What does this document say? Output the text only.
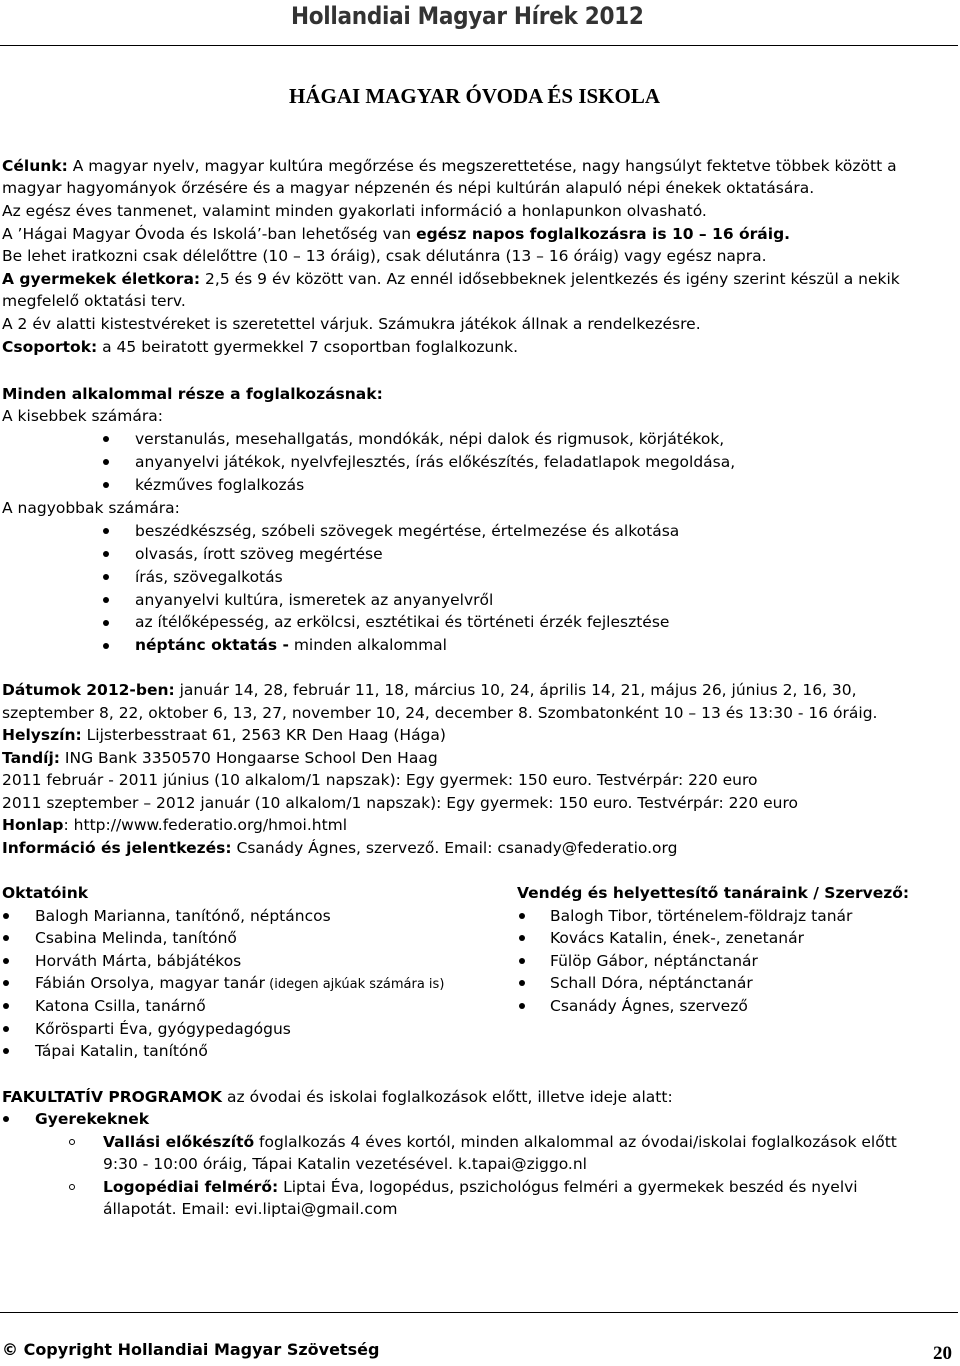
Hollandiai Magyar Hírek 2012
HÁGAI MAGYAR ÓVODA ÉS ISKOLA
Célunk: A magyar nyelv, magyar kultúra megőrzése és megszerettetése, nagy hangsúlyt fektetve többek között a
magyar hagyományok őrzésére és a magyar népzenén és népi kultúrán alapuló népi énekek oktatására.
Az egész éves tanmenet, valamint minden gyakorlati információ a honlapunkon olvasható.
A ’Hágai Magyar Óvoda és Iskolá’-ban lehetőség van egész napos foglalkozásra is 10 – 16 óráig.
Be lehet iratkozni csak délelőttre (10 – 13 óráig), csak délutánra (13 – 16 óráig) vagy egész napra.
A gyermekek életkora: 2,5 és 9 év között van. Az ennél idősebbeknek jelentkezés és igény szerint készül a nekik
megfelelő oktatási terv.
A 2 év alatti kistestvéreket is szeretettel várjuk. Számukra játékok állnak a rendelkezésre.
Csoportok: a 45 beiratott gyermekkel 7 csoportban foglalkozunk.
Minden alkalommal része a foglalkozásnak:
A kisebbek számára:
verstanulás, mesehallgatás, mondókák, népi dalok és rigmusok, körjátékok,
anyanyelvi játékok, nyelvfejlesztés, írás előkészítés, feladatlapok megoldása,
kézműves foglalkozás
A nagyobbak számára:
beszédkészség, szóbeli szövegek megértése, értelmezése és alkotása
olvasás, írott szöveg megértése
írás, szövegalkotás
anyanyelvi kultúra, ismeretek az anyanyelvről
az ítélőképesség, az erkölcsi, esztétikai és történeti érzék fejlesztése
néptánc oktatás - minden alkalommal
Dátumok 2012-ben: január 14, 28, február 11, 18, március 10, 24, április 14, 21, május 26, június 2, 16, 30,
szeptember 8, 22, oktober 6, 13, 27, november 10, 24, december 8. Szombatonként 10 – 13 és 13:30 - 16 óráig.
Helyszín: Lijsterbesstraat 61, 2563 KR Den Haag (Hága)
Tandíj: ING Bank 3350570 Hongaarse School Den Haag
2011 február - 2011 június (10 alkalom/1 napszak): Egy gyermek: 150 euro. Testvérpár: 220 euro
2011 szeptember – 2012 január (10 alkalom/1 napszak): Egy gyermek: 150 euro. Testvérpár: 220 euro
Honlap: http://www.federatio.org/hmoi.html
Információ és jelentkezés: Csanády Ágnes, szervező. Email: csanady@federatio.org
Oktatóink
Balogh Marianna, tanítónő, néptáncos
Csabina Melinda, tanítónő
Horváth Márta, bábjátékos
Fábián Orsolya, magyar tanár (idegen ajkúak számára is)
Katona Csilla, tanárnő
Kőrösparti Éva, gyógypedagógus
Tápai Katalin, tanítónő
Vendég és helyettesítő tanáraink / Szervező:
Balogh Tibor, történelem-földrajz tanár
Kovács Katalin, ének-, zenetanár
Fülöp Gábor, néptánctanár
Schall Dóra, néptánctanár
Csanády Ágnes, szervező
FAKULTATÍV PROGRAMOK az óvodai és iskolai foglalkozások előtt, illetve ideje alatt:
Gyerekeknek
Vallási előkészítő foglalkozás 4 éves kortól, minden alkalommal az óvodai/iskolai foglalkozások előtt
9:30 - 10:00 óráig, Tápai Katalin vezetésével. k.tapai@ziggo.nl
Logopédiai felmérő: Liptai Éva, logopédus, pszichológus felméri a gyermekek beszéd és nyelvi
állapotát. Email: evi.liptai@gmail.com
© Copyright Hollandiai Magyar Szövetség	20
